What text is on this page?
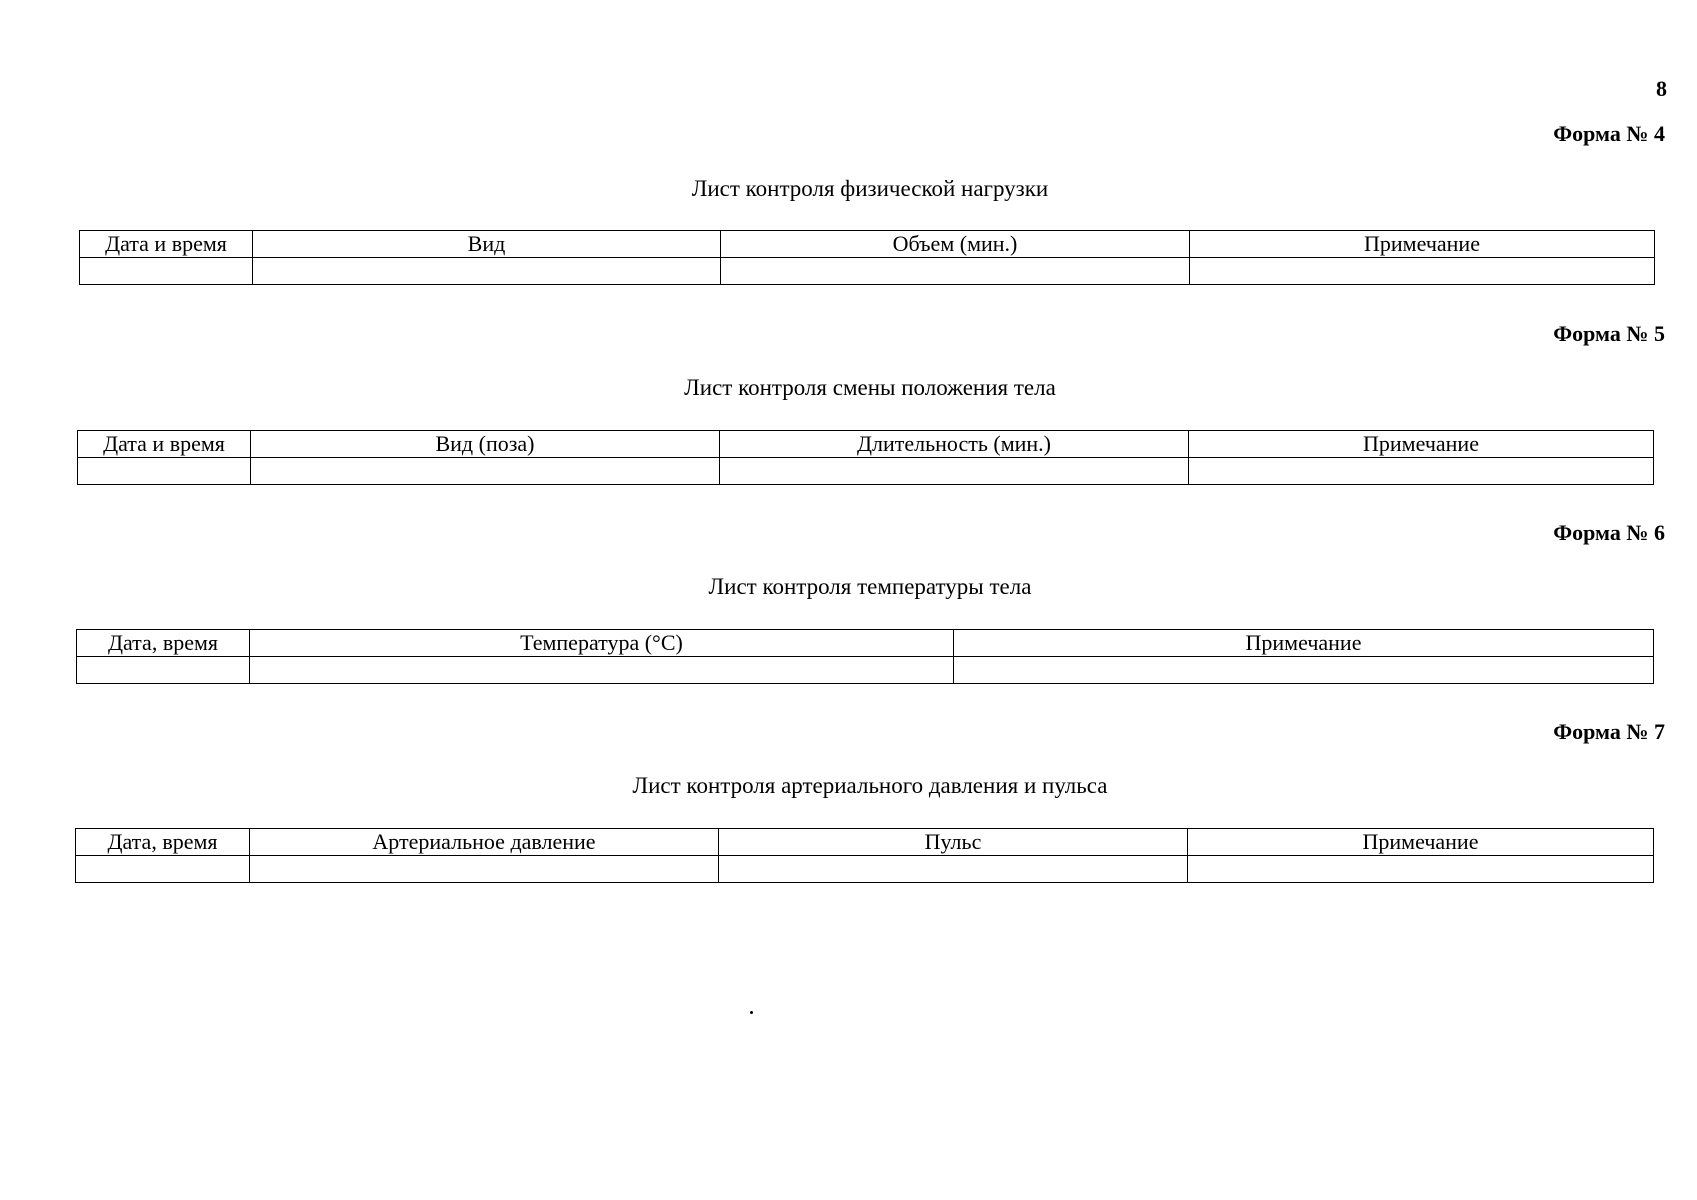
8
Форма № 4
Лист контроля физической нагрузки
Дата и время	Вид	Объем (мин.)	Примечание

Форма № 5
Лист контроля смены положения тела
Дата и время	Вид (поза)	Длительность (мин.)	Примечание

Форма № 6
Лист контроля температуры тела
Дата, время	Температура (°C)	Примечание

Форма № 7
Лист контроля артериального давления и пульса
Дата, время	Артериальное давление	Пульс	Примечание
